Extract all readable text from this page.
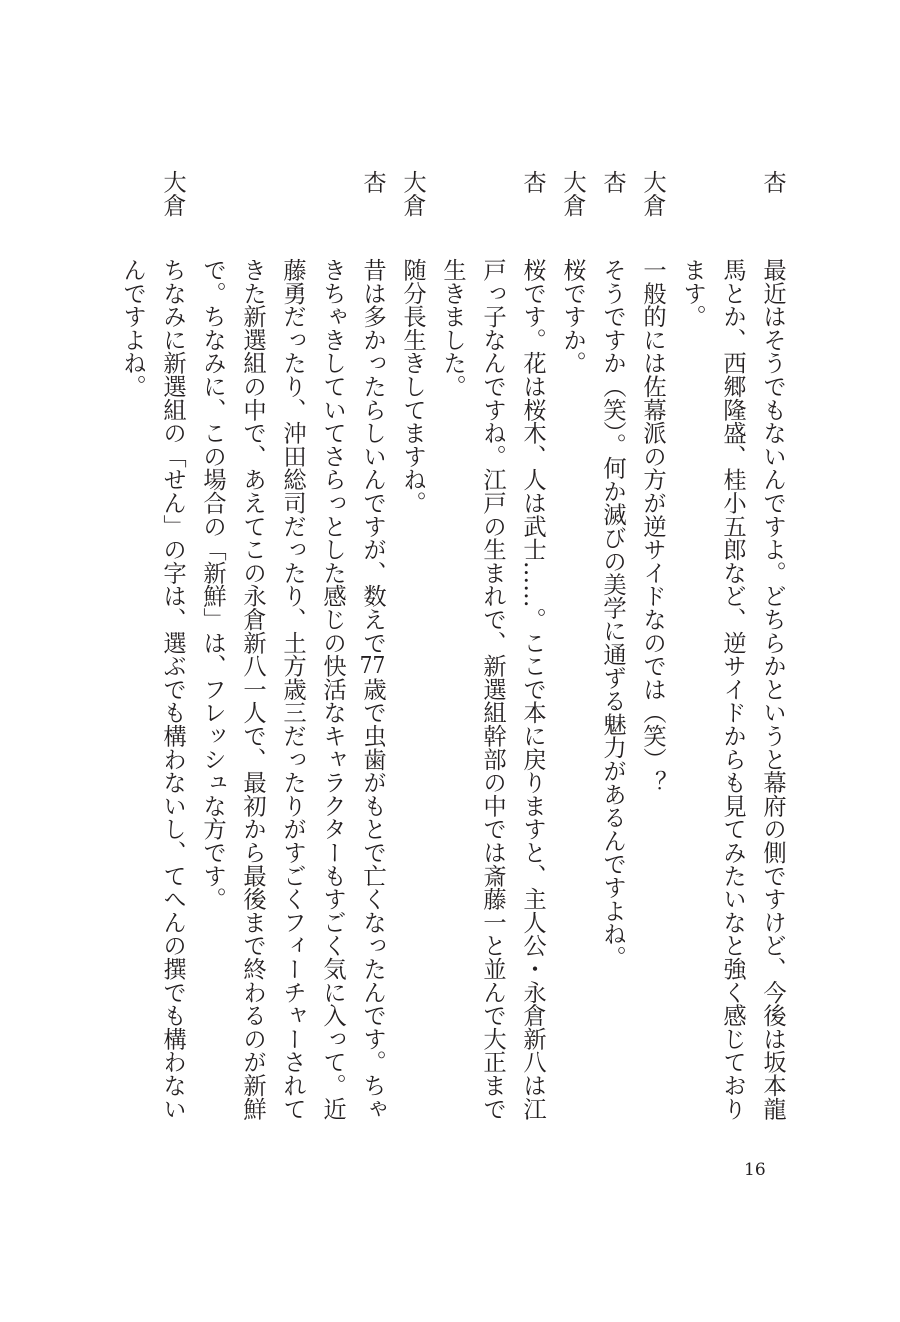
杏
最近はそうでもないんですよ。どちらかというと幕府の側ですけど、今後は坂本龍
馬とか、西郷隆盛、桂小五郎など、逆サイドからも見てみたいなと強く感じており
ます。
大倉
一般的には佐幕派の方が逆サイドなのでは（笑）？
杏
そうですか（笑）。何か滅びの美学に通ずる魅力があるんですよね。
大倉
桜ですか。
杏
桜です。花は桜木、人は武士……。ここで本に戻りますと、主人公・永倉新八は江
戸っ子なんですね。江戸の生まれで、新選組幹部の中では斎藤一と並んで大正まで
生きました。
大倉
随分長生きしてますね。
杏
昔は多かったらしいんですが、数えで77歳で虫歯がもとで亡くなったんです。ちゃ
きちゃきしていてさらっとした感じの快活なキャラクターもすごく気に入って。近
藤勇だったり、沖田総司だったり、土方歳三だったりがすごくフィーチャーされて
きた新選組の中で、あえてこの永倉新八一人で、最初から最後まで終わるのが新鮮
で。ちなみに、この場合の「新鮮」は、フレッシュな方です。
大倉
ちなみに新選組の「せん」の字は、選ぶでも構わないし、てへんの撰でも構わない
んですよね。
16
